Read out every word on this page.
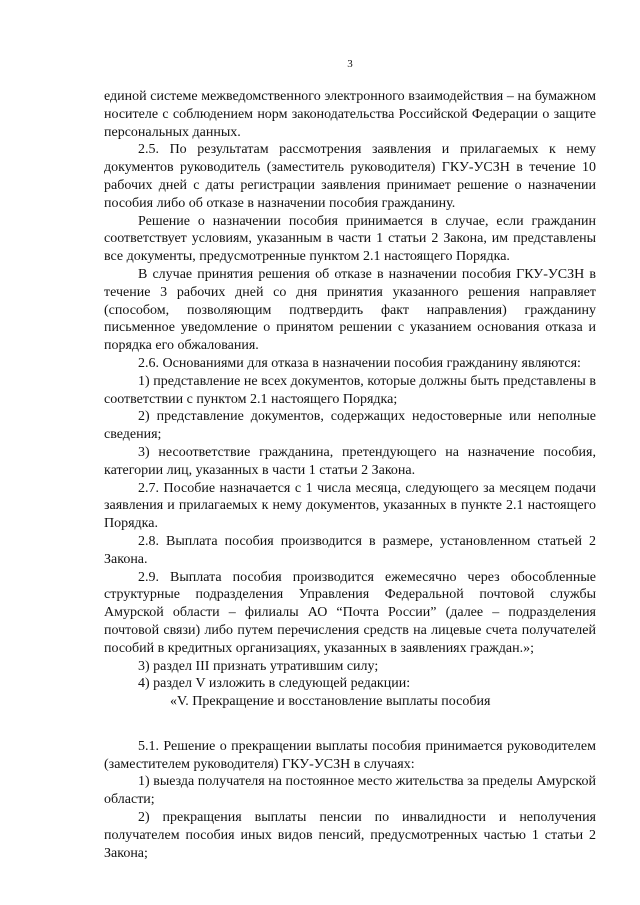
3

единой системе межведомственного электронного взаимодействия – на бумажном носителе с соблюдением норм законодательства Российской Федерации о защите персональных данных.

2.5. По результатам рассмотрения заявления и прилагаемых к нему документов руководитель (заместитель руководителя) ГКУ-УСЗН в течение 10 рабочих дней с даты регистрации заявления принимает решение о назначении пособия либо об отказе в назначении пособия гражданину.

Решение о назначении пособия принимается в случае, если гражданин соответствует условиям, указанным в части 1 статьи 2 Закона, им представлены все документы, предусмотренные пунктом 2.1 настоящего Порядка.

В случае принятия решения об отказе в назначении пособия ГКУ-УСЗН в течение 3 рабочих дней со дня принятия указанного решения направляет (способом, позволяющим подтвердить факт направления) гражданину письменное уведомление о принятом решении с указанием основания отказа и порядка его обжалования.

2.6. Основаниями для отказа в назначении пособия гражданину являются:

1) представление не всех документов, которые должны быть представлены в соответствии с пунктом 2.1 настоящего Порядка;

2) представление документов, содержащих недостоверные или неполные сведения;

3) несоответствие гражданина, претендующего на назначение пособия, категории лиц, указанных в части 1 статьи 2 Закона.

2.7. Пособие назначается с 1 числа месяца, следующего за месяцем подачи заявления и прилагаемых к нему документов, указанных в пункте 2.1 настоящего Порядка.

2.8. Выплата пособия производится в размере, установленном статьей 2 Закона.

2.9. Выплата пособия производится ежемесячно через обособленные структурные подразделения Управления Федеральной почтовой службы Амурской области – филиалы АО “Почта России” (далее – подразделения почтовой связи) либо путем перечисления средств на лицевые счета получателей пособий в кредитных организациях, указанных в заявлениях граждан.»;

3) раздел III признать утратившим силу;

4) раздел V изложить в следующей редакции:

«V. Прекращение и восстановление выплаты пособия

5.1. Решение о прекращении выплаты пособия принимается руководителем (заместителем руководителя) ГКУ-УСЗН в случаях:

1) выезда получателя на постоянное место жительства за пределы Амурской области;

2) прекращения выплаты пенсии по инвалидности и неполучения получателем пособия иных видов пенсий, предусмотренных частью 1 статьи 2 Закона;
